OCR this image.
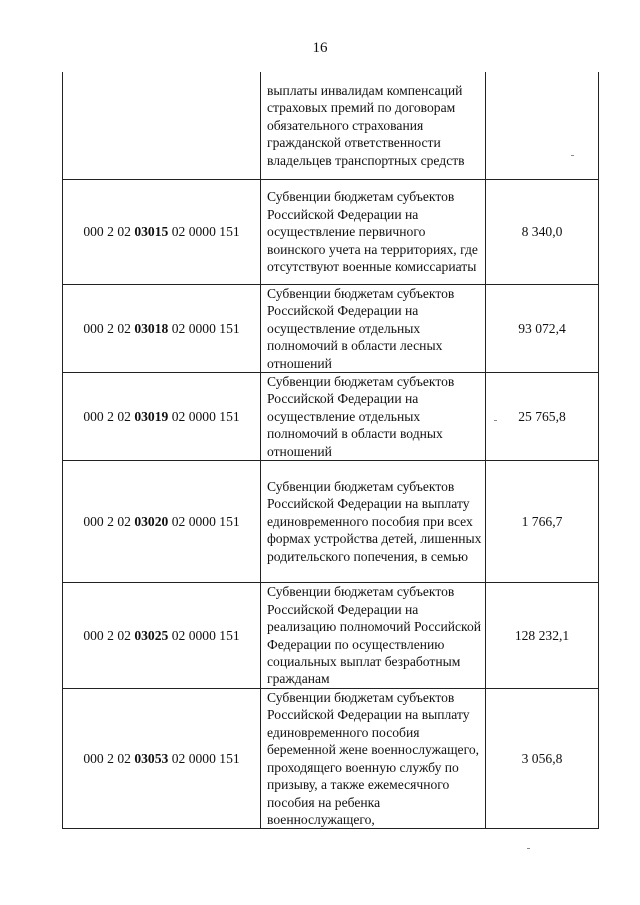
16
	выплаты инвалидам компенсаций страховых премий по договорам обязательного страхования гражданской ответственности владельцев транспортных средств	
000 2 02 03015 02 0000 151	Субвенции бюджетам субъектов Российской Федерации на осуществление первичного воинского учета на территориях, где отсутствуют военные комиссариаты	8 340,0
000 2 02 03018 02 0000 151	Субвенции бюджетам субъектов Российской Федерации на осуществление отдельных полномочий в области лесных отношений	93 072,4
000 2 02 03019 02 0000 151	Субвенции бюджетам субъектов Российской Федерации на осуществление отдельных полномочий в области водных отношений	25 765,8
000 2 02 03020 02 0000 151	Субвенции бюджетам субъектов Российской Федерации на выплату единовременного пособия при всех формах устройства детей, лишенных родительского попечения, в семью	1 766,7
000 2 02 03025 02 0000 151	Субвенции бюджетам субъектов Российской Федерации на реализацию полномочий Российской Федерации по осуществлению социальных выплат безработным гражданам	128 232,1
000 2 02 03053 02 0000 151	Субвенции бюджетам субъектов Российской Федерации на выплату единовременного пособия беременной жене военнослужащего, проходящего военную службу по призыву, а также ежемесячного пособия на ребенка военнослужащего,	3 056,8
